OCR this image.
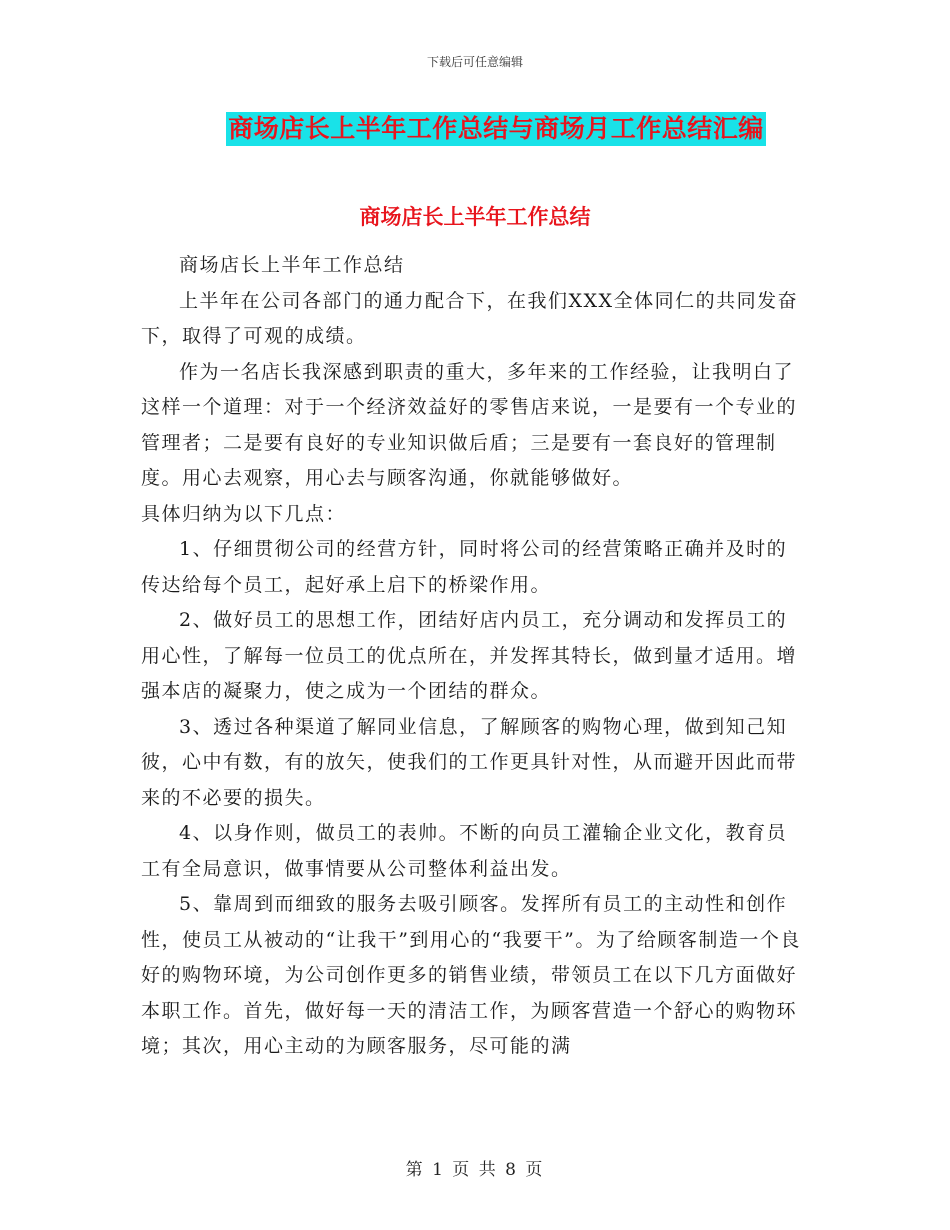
下载后可任意编辑
商场店长上半年工作总结与商场月工作总结汇编
商场店长上半年工作总结

商场店长上半年工作总结

上半年在公司各部门的通力配合下，在我们XXX全体同仁的共同发奋下，取得了可观的成绩。

作为一名店长我深感到职责的重大，多年来的工作经验，让我明白了这样一个道理：对于一个经济效益好的零售店来说，一是要有一个专业的管理者；二是要有良好的专业知识做后盾；三是要有一套良好的管理制度。用心去观察，用心去与顾客沟通，你就能够做好。

具体归纳为以下几点：

1、仔细贯彻公司的经营方针，同时将公司的经营策略正确并及时的传达给每个员工，起好承上启下的桥梁作用。

2、做好员工的思想工作，团结好店内员工，充分调动和发挥员工的用心性，了解每一位员工的优点所在，并发挥其特长，做到量才适用。增强本店的凝聚力，使之成为一个团结的群众。

3、透过各种渠道了解同业信息，了解顾客的购物心理，做到知己知彼，心中有数，有的放矢，使我们的工作更具针对性，从而避开因此而带来的不必要的损失。

4、以身作则，做员工的表帅。不断的向员工灌输企业文化，教育员工有全局意识，做事情要从公司整体利益出发。

5、靠周到而细致的服务去吸引顾客。发挥所有员工的主动性和创作性，使员工从被动的“让我干”到用心的“我要干”。为了给顾客制造一个良好的购物环境，为公司创作更多的销售业绩，带领员工在以下几方面做好本职工作。首先，做好每一天的清洁工作，为顾客营造一个舒心的购物环境；其次，用心主动的为顾客服务，尽可能的满

第 1 页 共 8 页
